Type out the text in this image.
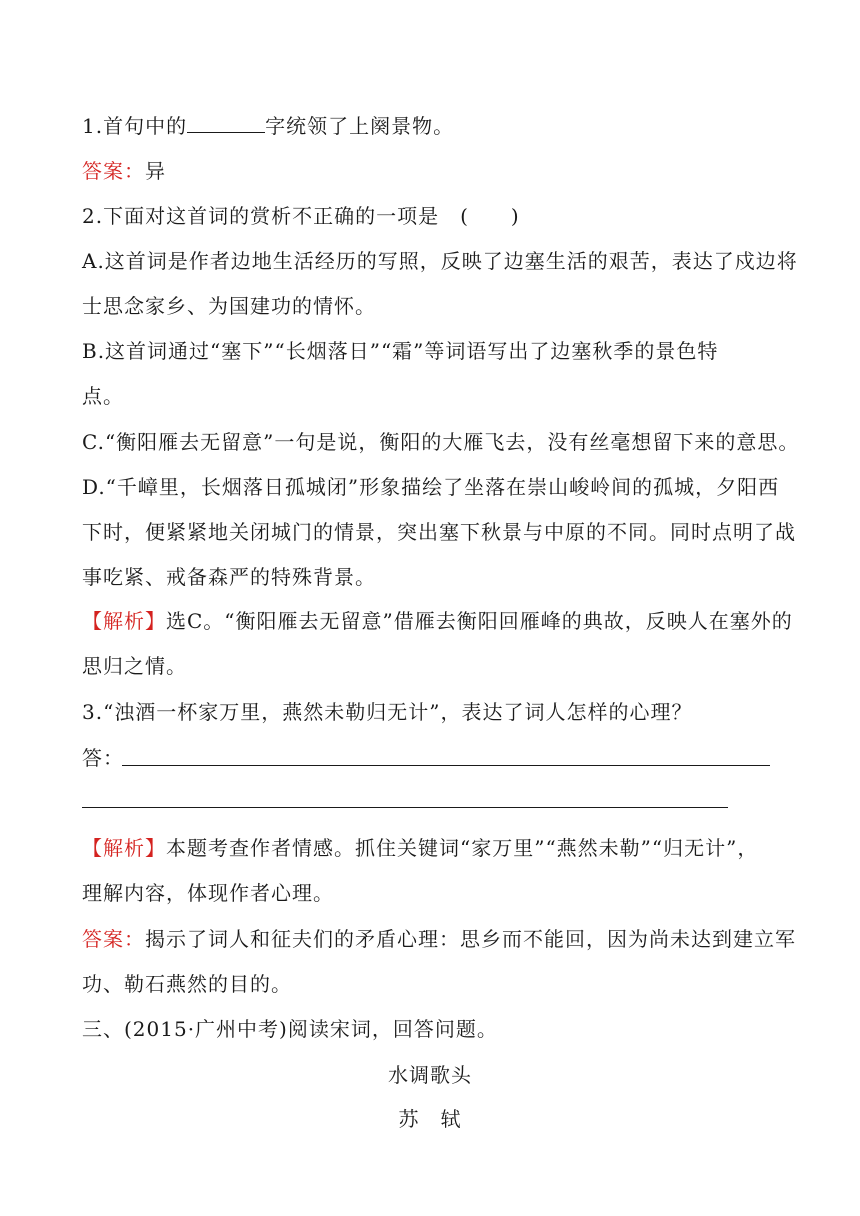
1.首句中的	字统领了上阕景物。
答案：异
2.下面对这首词的赏析不正确的一项是　(　　)
A.这首词是作者边地生活经历的写照，反映了边塞生活的艰苦，表达了戍边将
士思念家乡、为国建功的情怀。
B.这首词通过“塞下”“长烟落日”“霜”等词语写出了边塞秋季的景色特
点。
C.“衡阳雁去无留意”一句是说，衡阳的大雁飞去，没有丝毫想留下来的意思。
D.“千嶂里，长烟落日孤城闭”形象描绘了坐落在崇山峻岭间的孤城，夕阳西
下时，便紧紧地关闭城门的情景，突出塞下秋景与中原的不同。同时点明了战
事吃紧、戒备森严的特殊背景。
【解析】选C。“衡阳雁去无留意”借雁去衡阳回雁峰的典故，反映人在塞外的
思归之情。
3.“浊酒一杯家万里，燕然未勒归无计”，表达了词人怎样的心理？
答：
【解析】本题考查作者情感。抓住关键词“家万里”“燕然未勒”“归无计”，
理解内容，体现作者心理。
答案：揭示了词人和征夫们的矛盾心理：思乡而不能回，因为尚未达到建立军
功、勒石燕然的目的。
三、(2015·广州中考)阅读宋词，回答问题。
水调歌头
苏　轼
